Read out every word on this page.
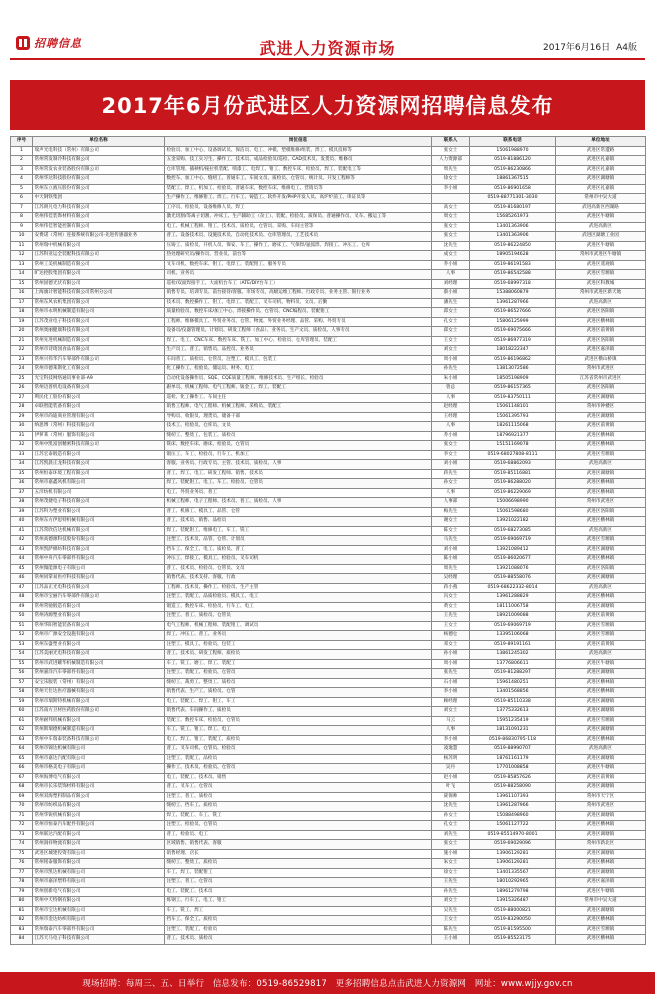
招聘信息	武进人力资源市场	2017年6月16日 A4版
2017年6月份武进区人力资源网招聘信息发布
序号	单位名称	岗位信息	联系人	联系电话	单位地址
1	瑞声光电科技（常州）有限公司	检验员、加工中心、设备调试员、保洁员、电工、冲模、塑模维修/组装、焊工、模具技师等	张女士	15061988970	武进区常遭路
2	常州常发制冷科技有限公司	五金采购、技工实习生、操作工、技术员、成品检验员/巡检、CAD技术员、发货员、维修员	人力资源部	0519-81886120	武进区礼嘉镇
3	常州常发农业装备股份有限公司	仓库管理、插秧机/拖拉机装配、喷漆工、电焊工、钳工、数控车床、检验员、焊工、装配电工等	周先生	0519-86230866	武进区礼嘉镇
4	常州华达科技股份有限公司	数控车、加工中心、缝纫工、普通车工、车间文员、质检员、仓管员、统计员、开发工程师等	徐女士	18861367515	武进区湖塘镇
5	常州东立液压股份有限公司	装配工、焊工、机加工、检验员、普通车床、数控车床、维修电工、营销员等	李小姐	0519-86901658	武进区礼嘉镇
6	中天钢铁集团	生产操作工、维修钳工、焊工、行车工、铸造工、软件开发/PHP开发人员、高炉炉前工、串证员等		0519-88771301-3030	常州市中吴大道
7	江苏朗凡电力科技有限公司	工序员、检验员、设备维修人员、焊工	高女士	0519-81680197	武进高新区西湖路
8	常州伟佳装饰材料有限公司	激光切割/等离子切割、冲床工、生产辅助工（杂工）、装配、检验员、质保员、普通操作员、叉车、搬运工等	周女士	15685261973	武进区牛塘镇
9	常州伟佳智能控制有限公司	电工、机械工程师、钳工、技术员、质检员、仓管员、采购、车间主管等	张女士	13401363906	武进高新区
10	安费诺（常州）连接系统有限公司-先进传感器业务	普工、设备技术员、设施技术员、自动化技术员、仓库管理员、工艺技术员	张女士	13401363906	武进区湖塘工业园
11	常州瑞中机械有限公司	压铸工、质检员、开机人员、保安、车工、操作工、磨床工、气保焊/氩弧焊、焊接工、冲压工、仓库	沈先生	0519-86224850	武进区牛塘镇
12	江苏科亚运全装配科技有限公司	热处理研究员/操作员、营业员、前台等	成女士	18905194628	常州市武进区牛塘镇
13	常州工美机械制造有限公司	叉车司机、数控车床、钳工、电焊工、装配钳工、服务专员	乔小姐	0519-86191583	武进区遥观镇
14	旷达控股集团有限公司	司机、业务员	人事	0519-86542588	武进区雪堰镇
15	常州固德光伏有限公司	巡检/双面焊接手工、大面机台车工（ATE/DIY台车工）	刘经理	0519-68997318	武进区科教城
16	上海旗计智能科技有限公司常州分公司	销售专员、培训专员、前台接待/客服、市场专员、高级运维工程师、行政专员、业务主管、银行业务	蔡小姐	15388060879	常州市武进区新天地
17	常州东风农机集团有限公司	技术员、数控操作工、钳工、电焊工、装配工、叉车司机、物料员、文员、后勤	潘先生	13961287966	武进高新区
18	常州市永明机械制造有限公司	质量检验员、数控车床/加工中心、焊接操作员、仓管员、CNC编程员、装配钳工	邱女士	0519-86527666	武进区洛阳镇
19	江苏茂业电子科技有限公司	工程师、维修模具工、外贸业务员、仓管、物流、外贸业务经理、品管、采购、外贸专员	孔女士	15806125999	武进区横林镇
20	常州奥丽健康科技有限公司	设备员/仪器管理员、计划员、研发工程师（食品）、业务员、生产文员、质检员、人事专员	邱女士	0519-69075666	武进区前黄镇
21	常州先进机械制造有限公司	焊工、电工、CNC车床、数控车床、铣工、加工中心、检验员、仓库管理员、装配工	王女士	0519-86977319	武进区洛阳镇
22	常州市诗琦园食品有限公司	生产员工、普工、销售员、品控员、业务员	刘女士	18018222347	武进区嘉泽镇
23	常州兴伟华汽车零部件有限公司	车间普工、质检员、仓管员、注塑工、模具工、包装工	周小姐	0519-86196862	武进区横山桥镇
24	常州市德莱斯化工有限公司	化工操作工、检验员、储运员、财务、电工	孙先生	13813072586	常州市武进区
25	光宝科技网络通讯事业部-A9	自动化设备操作员、SQE、CQE质量工程师、维修技术员、生产组长、检验员	朱小姐	18505198909	江苏省常州市武进区
26	常州迈普机电设备有限公司	跟单员、机械工程师、电气工程师、钣金工、焊工、装配工	曾总	0519-86157365	武进区洛阳镇
27	利民化工股份有限公司	巡检、化工操作工、车间主任	人事	0519-83750111	武进区湖塘镇
28	卓联智能装备有限公司	销售工程师、电气工程师、机械工程师、采购员、装配工	赵经理	15061148101	常州市钟楼区
29	常州市尚迪商业管理有限公司	导购员、收银员、理货员、储备干部	王经理	15061395793	武进区湖塘镇
30	纳思博（常州）科技有限公司	技术工、检验员、仓库员、文员	人事	18261115068	武进区前黄镇
31	伊萝莱（常州）服饰有限公司	缝纫工、整烫工、包装工、质检员	乔小姐	18796921377	武进区横林镇
32	常州中凯富创精密科技有限公司	铣床、数控车床、磨床、检验员、仓管员	张女士	15151169078	武进区横林镇
33	江苏宏泰锻造有限公司	锻压工、车工、检验员、行车工、机加工	李女士	0519-68027808-8111	武进区雪堰镇
34	江苏凯晨正龙科技有限公司	客服、业务员、行政专员、主管、技术员、质检员、人事	刘小姐	0519-68862093	武进高新区
35	常州恒泰环境工程有限公司	普工、焊工、电工、研发工程师、销售、技术员	蒋先生	0519-85116881	武进区湖塘镇
36	常州市嘉鑫风机有限公司	焊工、装配钳工、电工、车工、检验员、仓管员	孙女士	0519-86288020	武进区横林镇
37	五洋纺机有限公司	电工、外贸业务员、普工	人事	0519-86229069	武进区横林镇
38	常州茂捷电子科技有限公司	机械工程师、电子工程师、技术员、普工、质检员、人事	人事部	15006698990	常州市武进区
39	江苏科为塑业有限公司	普工、机修工、模具工、品管、仓管	梅先生	15061598680	武进区洛阳镇
40	常州东方伊思特机械有限公司	普工、技术员、销售、品检员	谢女士	13921022182	武进区横林镇
41	江苏常欣信达机械有限公司	焊工、装配钳工、维修电工、车工、铣工	陈女士	0519-68273085	武进高新区
42	常州高德源科技股份有限公司	注塑工、技术员、品管、仓管、计划员	马先生	0519-69069719	武进区雪堰镇
43	常州凯萨棉纺科技有限公司	挡车工、保全工、电工、质检员、普工	刘小姐	13921089412	武进区湖塘镇
44	常州中舟汽车零部件有限公司	冲压工、焊接工、模具工、检验员、叉车司机	陈小姐	0519-86020677	武进区横林镇
45	常州微能源电子有限公司	普工、技术员、检验员、仓管员、文员	周先生	13921088076	武进区洛阳镇
46	常州同掌易医疗科技有限公司	销售代表、技术支持、客服、行政	吴经理	0519-88558076	武进区湖塘镇
47	江苏品正光电科技有限公司	工程师、技术员、操作工、检验员、生产主管	蒋小燕	0519-68622332-8014	武进高新区
48	常州市宝丽汽车零部件有限公司	注塑工、装配工、品质检验员、模具工、电工	冯女士	13961288829	武进区横林镇
49	常州常驰锻造有限公司	锻造工、数控车床、检验员、行车工、电工	黄女士	18111006758	武进区湖塘镇
50	常州涛源塑业有限公司	注塑工、普工、质检员、仓管员	王先生	18921009088	武进区前黄镇
51	常州华阳智能装备有限公司	电气工程师、机械工程师、装配钳工、调试员	王女士	0519-69069719	武进区雪堰镇
52	常州市广源安全设施有限公司	焊工、冲压工、普工、业务员	杨德仓	13395106068	武进区雪堰镇
53	常州东盛塑业有限公司	注塑工、模具工、检验员、包装工	邓女士	0519-89191161	武进区前黄镇
54	江苏美丽光电科技有限公司	普工、技术员、研发工程师、质检员	孙小姐	13861245302	武进高新区
55	常州市武进耀华机械制造有限公司	车工、铣工、磨工、焊工、装配工	周小姐	13776806611	武进区牛塘镇
56	常州嘉洋汽车零部件有限公司	注塑工、装配工、检验员、仓管员	张先生	0519-81288297	武进区湖塘镇
57	安宝乐服装（常州）有限公司	缝纫工、裁剪工、整烫工、质检员	石小姐	15961480251	武进区横林镇
58	常州天仕达医疗器械有限公司	销售代表、生产工、质检员、仓管	李小姐	13401568856	武进区横林镇
59	常州市瑞斯特机械有限公司	电工、装配工、焊工、钳工、车工	顾经理	0519-85110338	武进区湖塘镇
60	江苏南方卫材医药股份有限公司	销售代表、车间操作工、质检员	刘女士	13775332613	武进区湖塘镇
61	常州耐邦机械有限公司	装配工、数控车床、检验员、仓管员	马云	15951235419	武进区雪堰镇
62	常州斯瑞德机械制造有限公司	车工、铣工、钳工、焊工、电工	人事	18131091231	武进区湖塘镇
63	常州中车瑞泰装备科技有限公司	电工、焊工、钳工、装配工、质检员	李小姐	0519-86830795-118	武进区横林镇
64	常州市锦达机械有限公司	普工、叉车司机、仓管员、检验员	凌逸慧	0519-88990707	武进高新区
65	常州市嘉达汽配有限公司	注塑工、装配工、品检员	杨苏明	18761161179	武进区湖塘镇
66	常州市格美电子有限公司	操作工、技术员、检验员、仓管员	吴丹	17701008858	武进区牛塘镇
67	常州海博电气有限公司	电工、装配工、技术员、销售	赵小姐	0519-85857626	武进区前黄镇
68	常州市长乐装饰材料有限公司	普工、叉车工、仓管员	叶飞	0519-88258090	武进区湖塘镇
69	常州双海塑料制品有限公司	注塑工、普工、质检员	聂保帅	13961107393	常州市天宁区
70	常州市纺织品有限公司	缝纫工、挡车工、质检员	沈先生	13961287966	常州市武进区
71	常州华锐机械有限公司	焊工、装配工、车工、铣工	孙女士	15088498960	武进区湖塘镇
72	常州市恒泰汽车配件有限公司	注塑工、检验员、仓管员	孔女士	15061127722	武进区横林镇
73	常州联达汽配有限公司	普工、检验员、电工	刘先生	0519-85514970-8001	武进区湖塘镇
74	常州润祥物流有限公司	区域销售、销售代表、客服	张女士	0519-69029096	常州市新北区
75	武进区城建投资有限公司	销售经理、店长	施小姐	13906129281	武进区湖塘镇
76	常州铭泰服饰有限公司	缝纫工、整烫工、质检员	朱女士	13906129281	武进区横林镇
77	常州市凯达机械有限公司	车工、焊工、装配钳工	徐女士	13401335567	武进区湖塘镇
78	常州市嘉泽塑料有限公司	注塑工、普工、仓管员	王先生	18010292965	武进区嘉泽镇
79	常州创新电气有限公司	电工、装配工、技术员	孙先生	18961279798	武进区牛塘镇
80	常州中天特钢有限公司	炼钢工、行车工、电工、钳工	刘女士	13915326487	常州市中吴大道
81	常州市宝达机械有限公司	车工、铣工、焊工	吴先生	0519-88000821	武进区湖塘镇
82	常州市金达纺织有限公司	挡车工、保全工、质检员	王女士	0519-83290050	武进区横林镇
83	常州瑞泰汽车零部件有限公司	注塑工、装配工、检验员	陈先生	0519-81595500	武进区雪堰镇
84	江苏天马电子科技有限公司	普工、技术员、质检员	王小姐	0519-85523175	武进区横林镇
现场招聘：每周三、五、日举行　信息发布：0519-86529817　更多招聘信息点击武进人力资源网　网址：www.wjjy.gov.cn
